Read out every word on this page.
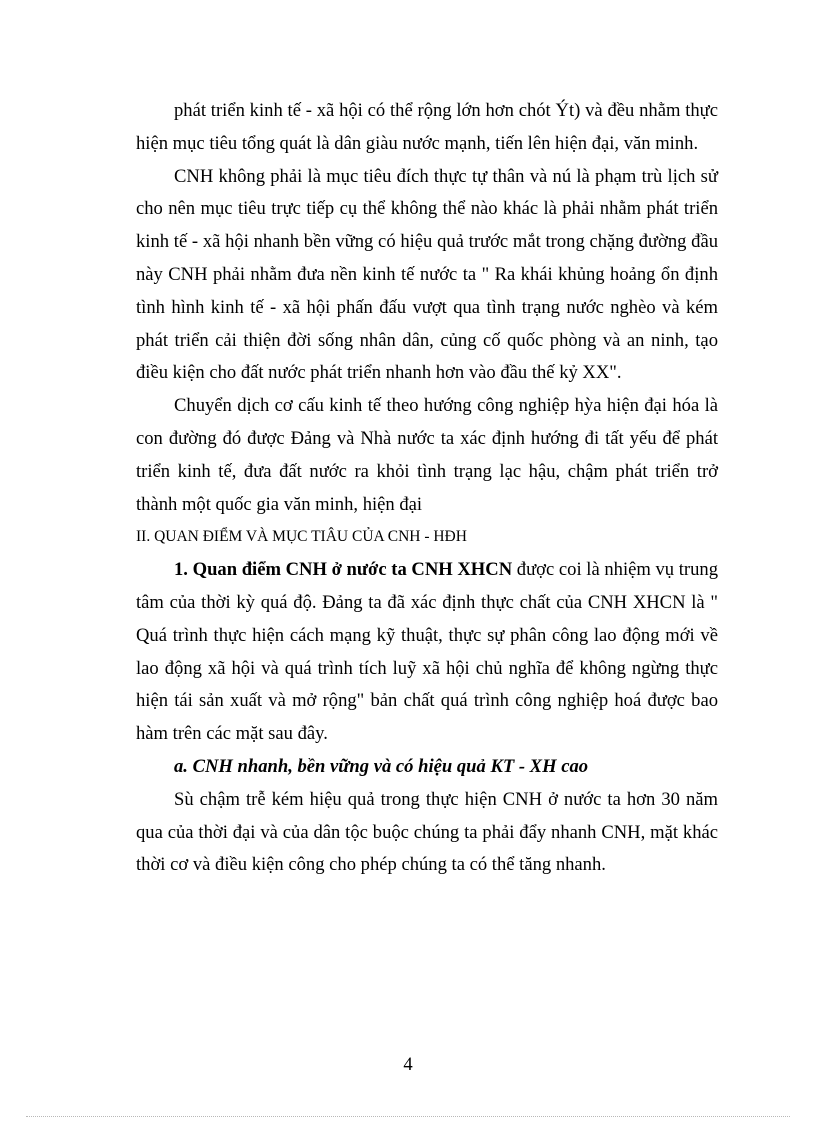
phát triển kinh tế - xã hội có thể rộng lớn hơn chót Ýt) và đều nhằm thực hiện mục tiêu tổng quát là dân giàu nước mạnh, tiến lên hiện đại, văn minh.

CNH không phải là mục tiêu đích thực tự thân và nú là phạm trù lịch sử cho nên mục tiêu trực tiếp cụ thể không thể nào khác là phải nhằm phát triển kinh tế - xã hội nhanh bền vững có hiệu quả trước mắt trong chặng đường đầu này CNH phải nhằm đưa nền kinh tế nước ta " Ra khái khủng hoảng ổn định tình hình kinh tế - xã hội phấn đấu vượt qua tình trạng nước nghèo và kém phát triển cải thiện đời sống nhân dân, củng cố quốc phòng và an ninh, tạo điều kiện cho đất nước phát triển nhanh hơn vào đầu thế kỷ XX".

Chuyển dịch cơ cấu kinh tế theo hướng công nghiệp hỳa hiện đại hóa là con đường đó được Đảng và Nhà nước ta xác định hướng đi tất yếu để phát triển kinh tế, đưa đất nước ra khỏi tình trạng lạc hậu, chậm phát triển trở thành một quốc gia văn minh, hiện đại

II. QUAN ĐIỂM VÀ MỤC TIÂU CỦA CNH - HĐH

1. Quan điểm CNH ở nước ta CNH XHCN được coi là nhiệm vụ trung tâm của thời kỳ quá độ. Đảng ta đã xác định thực chất của CNH XHCN là " Quá trình thực hiện cách mạng kỹ thuật, thực sự phân công lao động mới về lao động xã hội và quá trình tích luỹ xã hội chủ nghĩa để không ngừng thực hiện tái sản xuất và mở rộng" bản chất quá trình công nghiệp hoá được bao hàm trên các mặt sau đây.

a. CNH nhanh, bền vững và có hiệu quả KT - XH cao

Sù chậm trễ kém hiệu quả trong thực hiện CNH ở nước ta hơn 30 năm qua của thời đại và của dân tộc buộc chúng ta phải đẩy nhanh CNH, mặt khác thời cơ và điều kiện công cho phép chúng ta có thể tăng nhanh.

4
